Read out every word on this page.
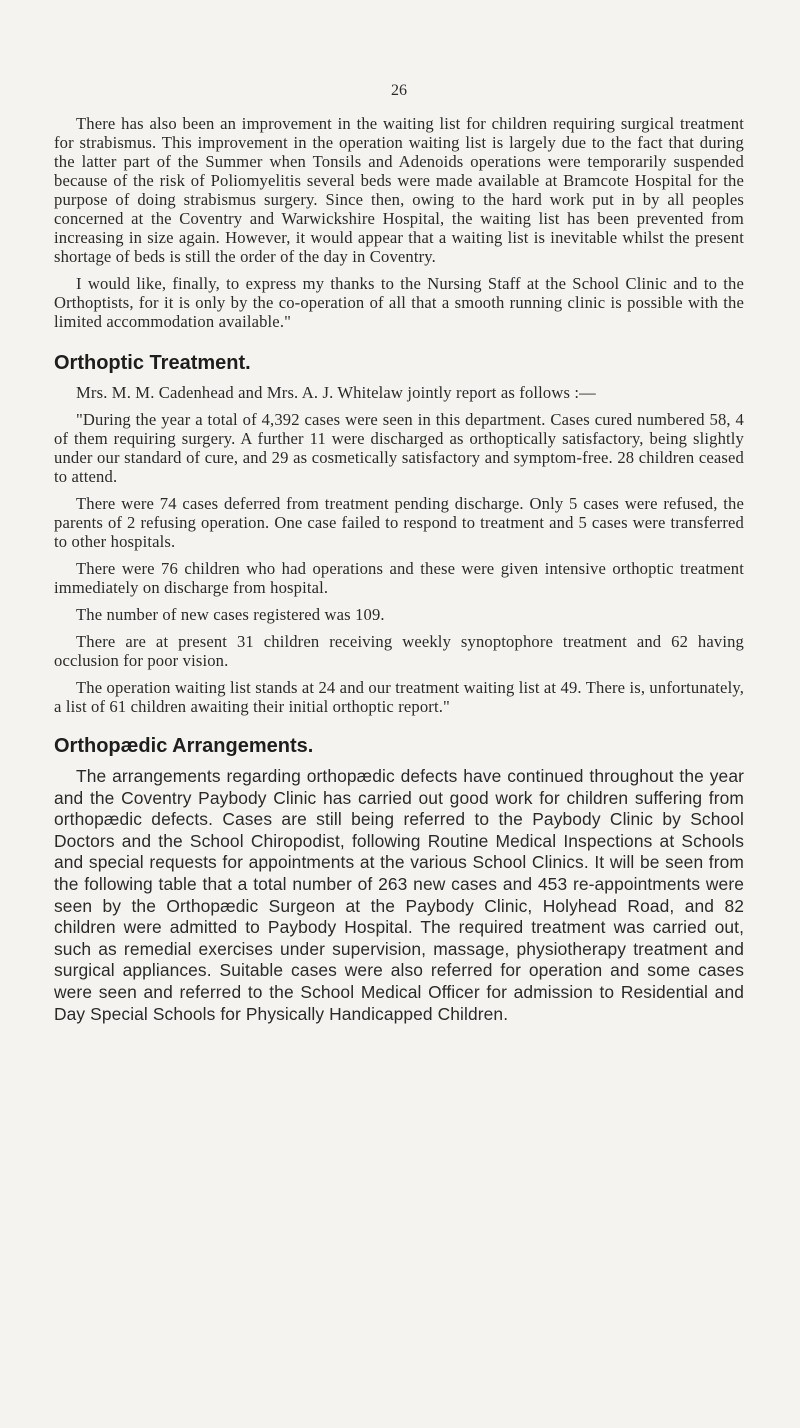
26

There has also been an improvement in the waiting list for children requiring surgical treatment for strabismus. This improvement in the operation waiting list is largely due to the fact that during the latter part of the Summer when Tonsils and Adenoids operations were temporarily suspended because of the risk of Poliomyelitis several beds were made available at Bramcote Hospital for the purpose of doing strabismus surgery. Since then, owing to the hard work put in by all peoples concerned at the Coventry and Warwickshire Hospital, the waiting list has been prevented from increasing in size again. However, it would appear that a waiting list is inevitable whilst the present shortage of beds is still the order of the day in Coventry.

I would like, finally, to express my thanks to the Nursing Staff at the School Clinic and to the Orthoptists, for it is only by the co-operation of all that a smooth running clinic is possible with the limited accommodation available."

Orthoptic Treatment.

Mrs. M. M. Cadenhead and Mrs. A. J. Whitelaw jointly report as follows :—

"During the year a total of 4,392 cases were seen in this department. Cases cured numbered 58, 4 of them requiring surgery. A further 11 were discharged as orthoptically satisfactory, being slightly under our standard of cure, and 29 as cosmetically satisfactory and symptom-free. 28 children ceased to attend.

There were 74 cases deferred from treatment pending discharge. Only 5 cases were refused, the parents of 2 refusing operation. One case failed to respond to treatment and 5 cases were transferred to other hospitals.

There were 76 children who had operations and these were given intensive orthoptic treatment immediately on discharge from hospital.

The number of new cases registered was 109.

There are at present 31 children receiving weekly synoptophore treatment and 62 having occlusion for poor vision.

The operation waiting list stands at 24 and our treatment waiting list at 49. There is, unfortunately, a list of 61 children awaiting their initial orthoptic report."

Orthopædic Arrangements.

The arrangements regarding orthopædic defects have continued throughout the year and the Coventry Paybody Clinic has carried out good work for children suffering from orthopædic defects. Cases are still being referred to the Paybody Clinic by School Doctors and the School Chiropodist, following Routine Medical Inspections at Schools and special requests for appointments at the various School Clinics. It will be seen from the following table that a total number of 263 new cases and 453 re-appointments were seen by the Orthopædic Surgeon at the Paybody Clinic, Holyhead Road, and 82 children were admitted to Paybody Hospital. The required treatment was carried out, such as remedial exercises under supervision, massage, physiotherapy treatment and surgical appliances. Suitable cases were also referred for operation and some cases were seen and referred to the School Medical Officer for admission to Residential and Day Special Schools for Physically Handicapped Children.
